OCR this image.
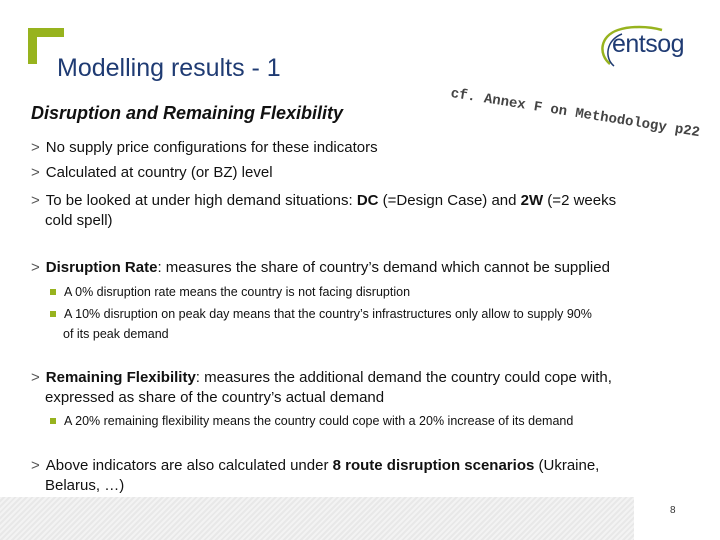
Modelling results - 1
entsog
Disruption and Remaining Flexibility	cf. Annex F on Methodology p22
> No supply price configurations for these indicators
> Calculated at country (or BZ) level
> To be looked at under high demand situations: DC (=Design Case) and 2W (=2 weeks
cold spell)
> Disruption Rate: measures the share of country’s demand which cannot be supplied
A 0% disruption rate means the country is not facing disruption
A 10% disruption on peak day means that the country’s infrastructures only allow to supply 90%
of its peak demand
> Remaining Flexibility: measures the additional demand the country could cope with,
expressed as share of the country’s actual demand
A 20% remaining flexibility means the country could cope with a 20% increase of its demand
> Above indicators are also calculated under 8 route disruption scenarios (Ukraine,
Belarus, …)
8
